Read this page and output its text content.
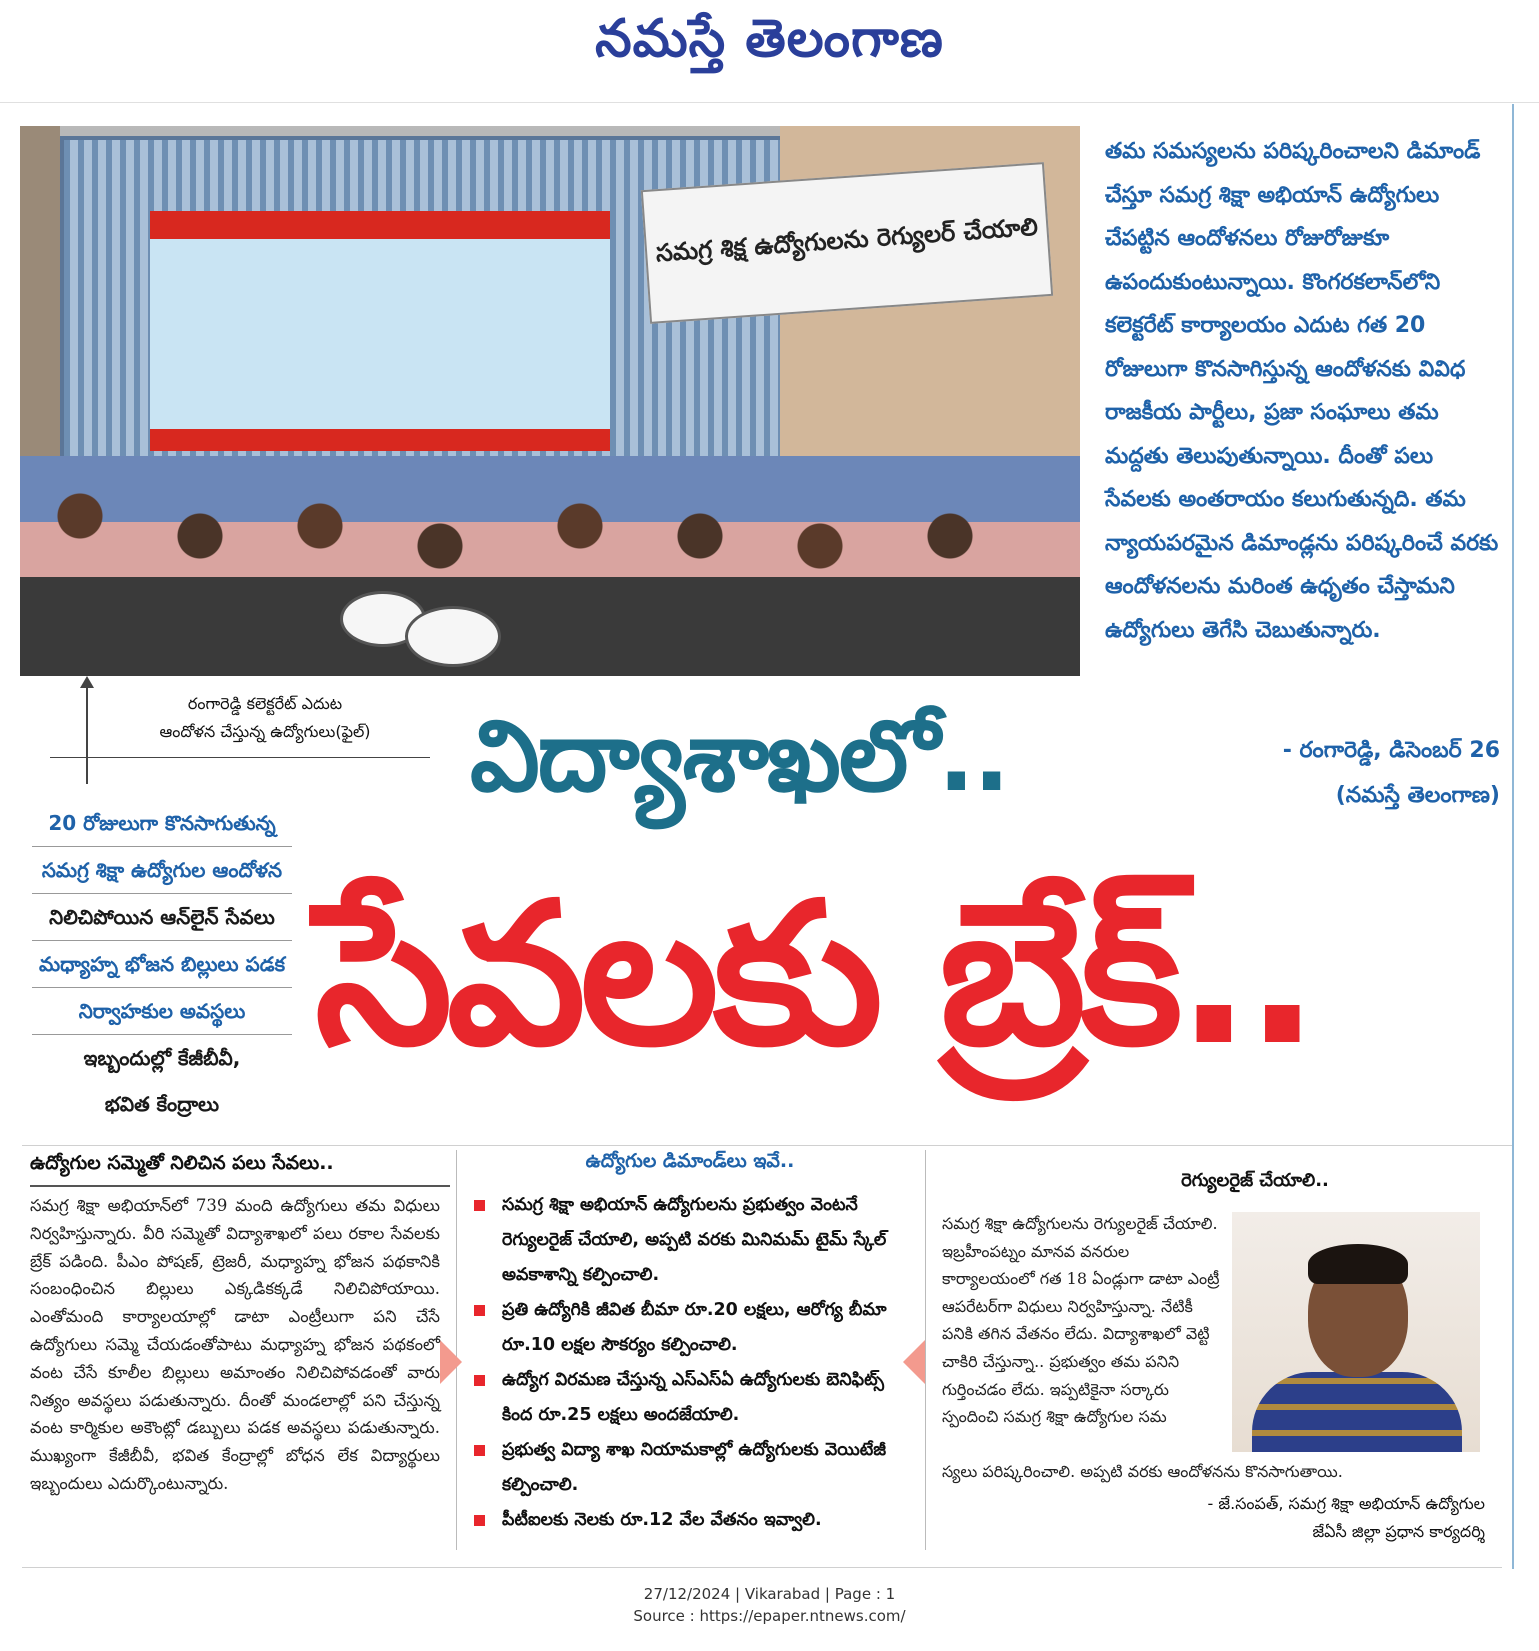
నమస్తే తెలంగాణ
సమగ్ర శిక్ష ఉద్యోగులను రెగ్యులర్ చేయాలి
రంగారెడ్డి కలెక్టరేట్ ఎదుట
ఆందోళన చేస్తున్న ఉద్యోగులు(ఫైల్)

తమ సమస్యలను పరిష్కరించాలని డిమాండ్ చేస్తూ సమగ్ర శిక్షా అభియాన్ ఉద్యోగులు చేపట్టిన ఆందోళనలు రోజురోజుకూ ఉపందుకుంటున్నాయి. కొంగరకలాన్‌లోని కలెక్టరేట్ కార్యాలయం ఎదుట గత 20 రోజులుగా కొనసాగిస్తున్న ఆందోళనకు వివిధ రాజకీయ పార్టీలు, ప్రజా సంఘాలు తమ మద్దతు తెలుపుతున్నాయి. దీంతో పలు సేవలకు అంతరాయం కలుగుతున్నది. తమ న్యాయపరమైన డిమాండ్లను పరిష్కరించే వరకు ఆందోళనలను మరింత ఉధృతం చేస్తామని ఉద్యోగులు తెగేసి చెబుతున్నారు.

- రంగారెడ్డి, డిసెంబర్ 26
(నమస్తే తెలంగాణ)
విద్యాశాఖలో..
సేవలకు బ్రేక్..
20 రోజులుగా కొనసాగుతున్న
సమగ్ర శిక్షా ఉద్యోగుల ఆందోళన
నిలిచిపోయిన ఆన్‌లైన్ సేవలు
మధ్యాహ్న భోజన బిల్లులు పడక
నిర్వాహకుల అవస్థలు
ఇబ్బందుల్లో కేజీబీవీ,
భవిత కేంద్రాలు
ఉద్యోగుల సమ్మెతో నిలిచిన పలు సేవలు..
సమగ్ర శిక్షా అభియాన్‌లో 739 మంది ఉద్యోగులు తమ విధులు నిర్వహిస్తున్నారు. వీరి సమ్మెతో విద్యాశాఖలో పలు రకాల సేవలకు బ్రేక్ పడింది. పీఎం పోషణ్, ట్రెజరీ, మధ్యాహ్న భోజన పథకానికి సంబంధించిన బిల్లులు ఎక్కడికక్కడే నిలిచిపోయాయి. ఎంతోమంది కార్యాలయాల్లో డాటా ఎంట్రీలుగా పని చేసే ఉద్యోగులు సమ్మె చేయడంతోపాటు మధ్యాహ్న భోజన పథకంలో వంట చేసే కూలీల బిల్లులు అమాంతం నిలిచిపోవడంతో వారు నిత్యం అవస్థలు పడుతున్నారు. దీంతో మండలాల్లో పని చేస్తున్న వంట కార్మికుల అకౌంట్లో డబ్బులు పడక అవస్థలు పడుతున్నారు. ముఖ్యంగా కేజీబీవీ, భవిత కేంద్రాల్లో బోధన లేక విద్యార్థులు ఇబ్బందులు ఎదుర్కొంటున్నారు.
ఉద్యోగుల డిమాండ్‌లు ఇవే..
సమగ్ర శిక్షా అభియాన్ ఉద్యోగులను ప్రభుత్వం వెంటనే రెగ్యులరైజ్ చేయాలి, అప్పటి వరకు మినిమమ్ టైమ్ స్కేల్ అవకాశాన్ని కల్పించాలి.
ప్రతి ఉద్యోగికి జీవిత బీమా రూ.20 లక్షలు, ఆరోగ్య బీమా రూ.10 లక్షల సౌకర్యం కల్పించాలి.
ఉద్యోగ విరమణ చేస్తున్న ఎస్ఎస్ఏ ఉద్యోగులకు బెనిఫిట్స్ కింద రూ.25 లక్షలు అందజేయాలి.
ప్రభుత్వ విద్యా శాఖ నియామకాల్లో ఉద్యోగులకు వెయిటేజీ కల్పించాలి.
పీటీఐలకు నెలకు రూ.12 వేల వేతనం ఇవ్వాలి.
రెగ్యులరైజ్ చేయాలి..
సమగ్ర శిక్షా ఉద్యోగులను రెగ్యులరైజ్ చేయాలి. ఇబ్రహీంపట్నం మానవ వనరుల కార్యాలయంలో గత 18 ఏండ్లుగా డాటా ఎంట్రీ ఆపరేటర్‌గా విధులు నిర్వహిస్తున్నా. నేటికీ పనికి తగిన వేతనం లేదు. విద్యాశాఖలో వెట్టి చాకిరి చేస్తున్నా.. ప్రభుత్వం తమ పనిని గుర్తించడం లేదు. ఇప్పటికైనా సర్కారు స్పందించి సమగ్ర శిక్షా ఉద్యోగుల సమ
స్యలు పరిష్కరించాలి. అప్పటి వరకు ఆందోళనను కొనసాగుతాయి.
- జే.సంపత్, సమగ్ర శిక్షా అభియాన్ ఉద్యోగుల
జేఏసీ జిల్లా ప్రధాన కార్యదర్శి
27/12/2024 | Vikarabad | Page : 1
Source : https://epaper.ntnews.com/
